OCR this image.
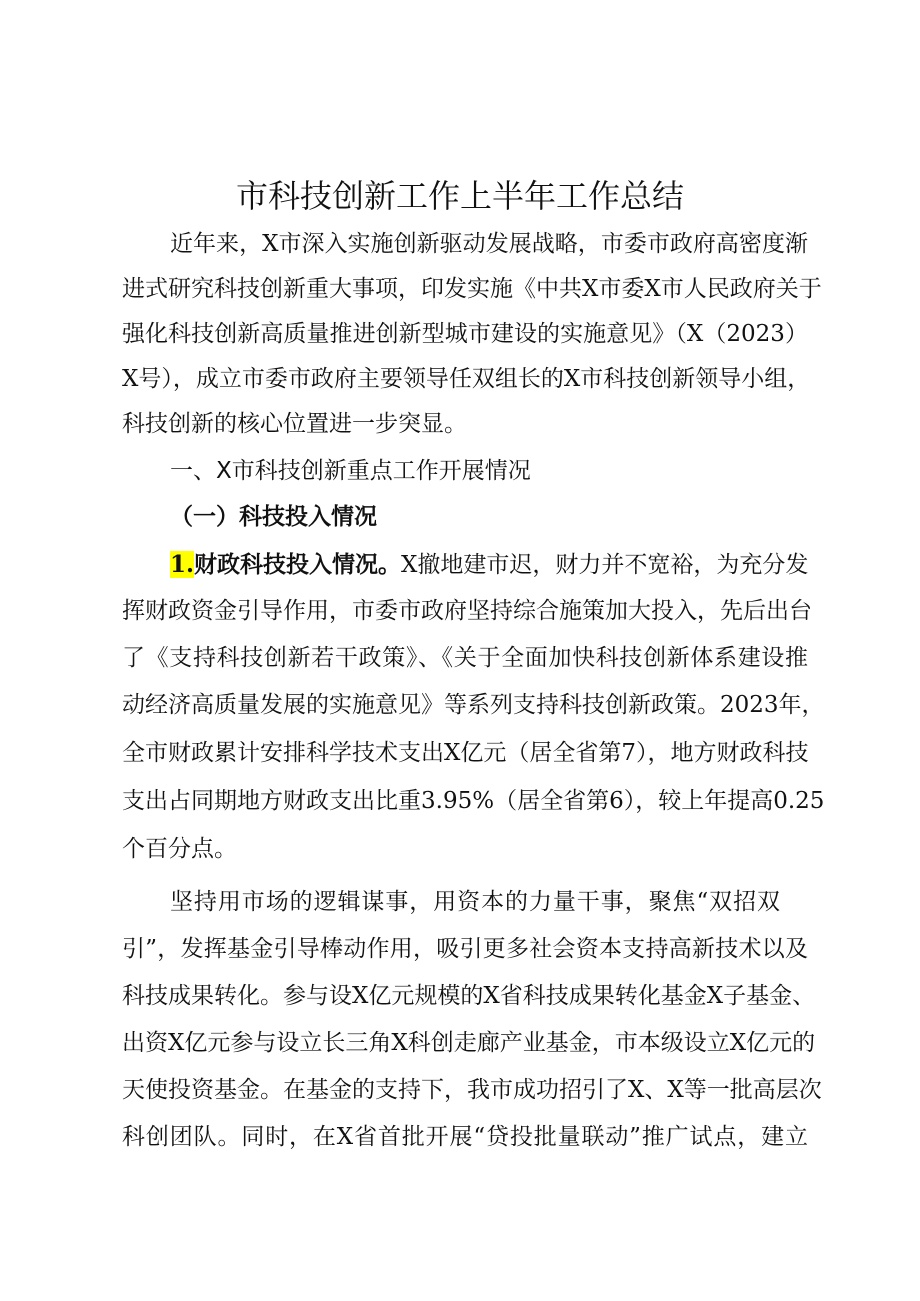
市科技创新工作上半年工作总结
近年来，X市深入实施创新驱动发展战略，市委市政府高密度渐
进式研究科技创新重大事项，印发实施《中共X市委X市人民政府关于
强化科技创新高质量推进创新型城市建设的实施意见》（X（2023）
X号），成立市委市政府主要领导任双组长的X市科技创新领导小组，
科技创新的核心位置进一步突显。
一、X市科技创新重点工作开展情况
（一）科技投入情况
1.财政科技投入情况。X撤地建市迟，财力并不宽裕，为充分发
挥财政资金引导作用，市委市政府坚持综合施策加大投入，先后出台
了《支持科技创新若干政策》、《关于全面加快科技创新体系建设推
动经济高质量发展的实施意见》等系列支持科技创新政策。2023年，
全市财政累计安排科学技术支出X亿元（居全省第7），地方财政科技
支出占同期地方财政支出比重3.95%（居全省第6），较上年提高0.25
个百分点。
坚持用市场的逻辑谋事，用资本的力量干事，聚焦“双招双
引”，发挥基金引导棒动作用，吸引更多社会资本支持高新技术以及
科技成果转化。参与设X亿元规模的X省科技成果转化基金X子基金、
出资X亿元参与设立长三角X科创走廊产业基金，市本级设立X亿元的
天使投资基金。在基金的支持下，我市成功招引了X、X等一批高层次
科创团队。同时，在X省首批开展“贷投批量联动”推广试点，建立
